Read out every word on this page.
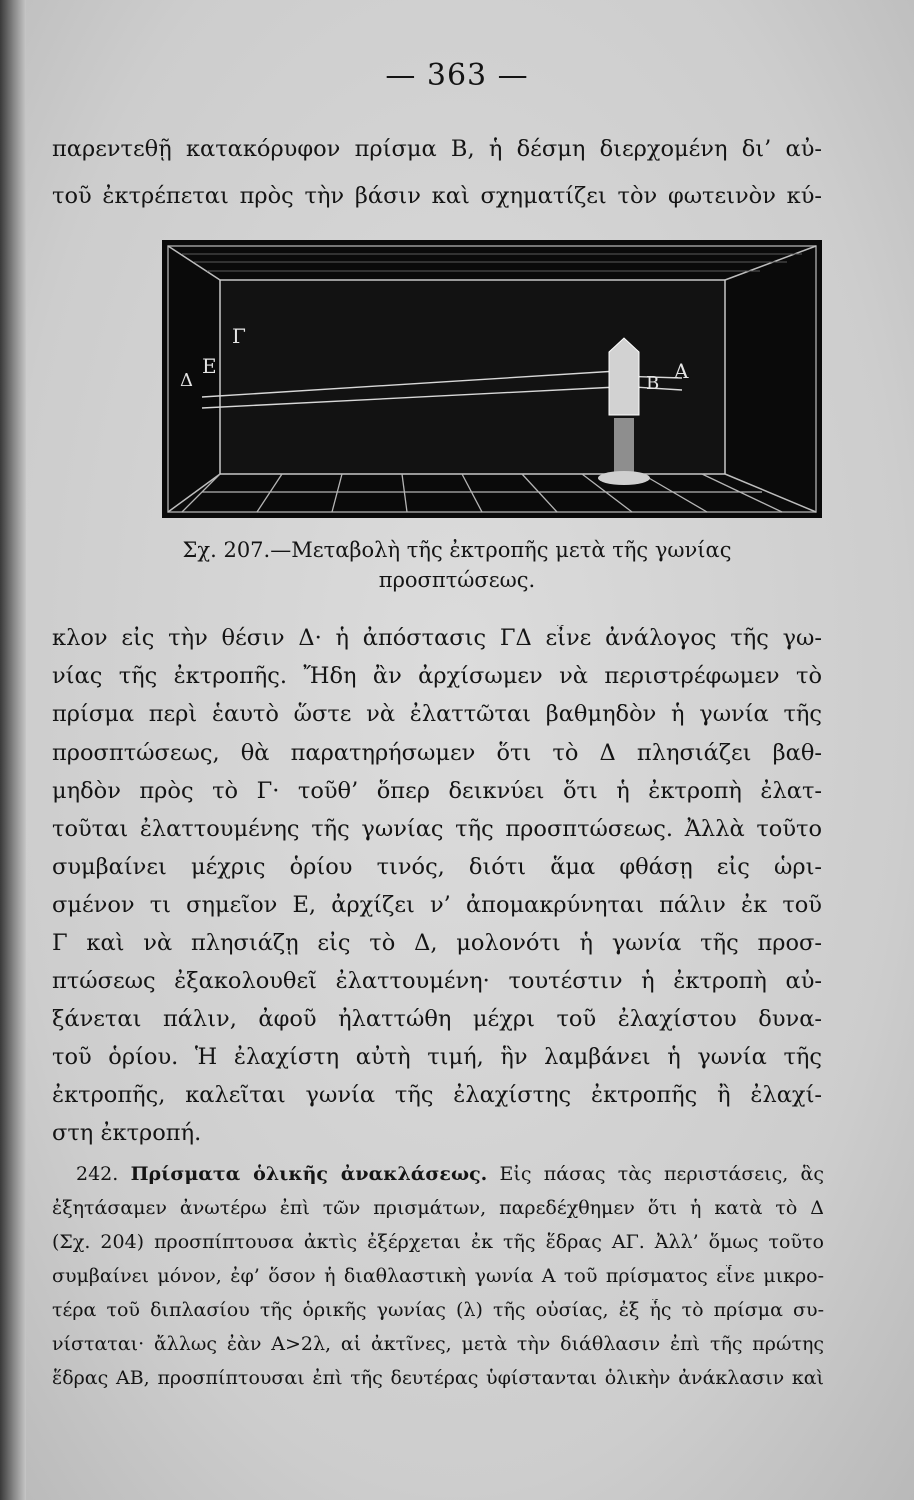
— 363 —
παρεντεθῇ κατακόρυφον πρίσμα Β, ἡ δέσμη διερχομένη δι’ αὐ-
τοῦ ἐκτρέπεται πρὸς τὴν βάσιν καὶ σχηματίζει τὸν φωτεινὸν κύ-
Γ
Ε
Δ	Β
Α
Σχ. 207.—Μεταβολὴ τῆς ἐκτροπῆς μετὰ τῆς γωνίας
προσπτώσεως.
κλον εἰς τὴν θέσιν Δ· ἡ ἀπόστασις ΓΔ εἶνε ἀνάλογος τῆς γω-
νίας τῆς ἐκτροπῆς. Ἤδη ἂν ἀρχίσωμεν νὰ περιστρέφωμεν τὸ
πρίσμα περὶ ἑαυτὸ ὥστε νὰ ἐλαττῶται βαθμηδὸν ἡ γωνία τῆς
προσπτώσεως, θὰ παρατηρήσωμεν ὅτι τὸ Δ πλησιάζει βαθ-
μηδὸν πρὸς τὸ Γ· τοῦθ’ ὅπερ δεικνύει ὅτι ἡ ἐκτροπὴ ἐλατ-
τοῦται ἐλαττουμένης τῆς γωνίας τῆς προσπτώσεως. Ἀλλὰ τοῦτο
συμβαίνει μέχρις ὁρίου τινός, διότι ἅμα φθάσῃ εἰς ὡρι-
σμένον τι σημεῖον Ε, ἀρχίζει ν’ ἀπομακρύνηται πάλιν ἐκ τοῦ
Γ καὶ νὰ πλησιάζῃ εἰς τὸ Δ, μολονότι ἡ γωνία τῆς προσ-
πτώσεως ἐξακολουθεῖ ἐλαττουμένη· τουτέστιν ἡ ἐκτροπὴ αὐ-
ξάνεται πάλιν, ἀφοῦ ἠλαττώθη μέχρι τοῦ ἐλαχίστου δυνα-
τοῦ ὁρίου. Ἡ ἐλαχίστη αὐτὴ τιμή, ἣν λαμβάνει ἡ γωνία τῆς
ἐκτροπῆς, καλεῖται γωνία τῆς ἐλαχίστης ἐκτροπῆς ἢ ἐλαχί-
στη ἐκτροπή.
242. Πρίσματα ὁλικῆς ἀνακλάσεως. Εἰς πάσας τὰς περιστάσεις, ἃς
ἐξητάσαμεν ἀνωτέρω ἐπὶ τῶν πρισμάτων, παρεδέχθημεν ὅτι ἡ κατὰ τὸ Δ
(Σχ. 204) προσπίπτουσα ἀκτὶς ἐξέρχεται ἐκ τῆς ἕδρας ΑΓ. Ἀλλ’ ὅμως τοῦτο
συμβαίνει μόνον, ἐφ’ ὅσον ἡ διαθλαστικὴ γωνία Α τοῦ πρίσματος εἶνε μικρο-
τέρα τοῦ διπλασίου τῆς ὁρικῆς γωνίας (λ) τῆς οὐσίας, ἐξ ἧς τὸ πρίσμα συ-
νίσταται· ἄλλως ἐὰν Α>2λ, αἱ ἀκτῖνες, μετὰ τὴν διάθλασιν ἐπὶ τῆς πρώτης
ἕδρας ΑΒ, προσπίπτουσαι ἐπὶ τῆς δευτέρας ὑφίστανται ὁλικὴν ἀνάκλασιν καὶ
